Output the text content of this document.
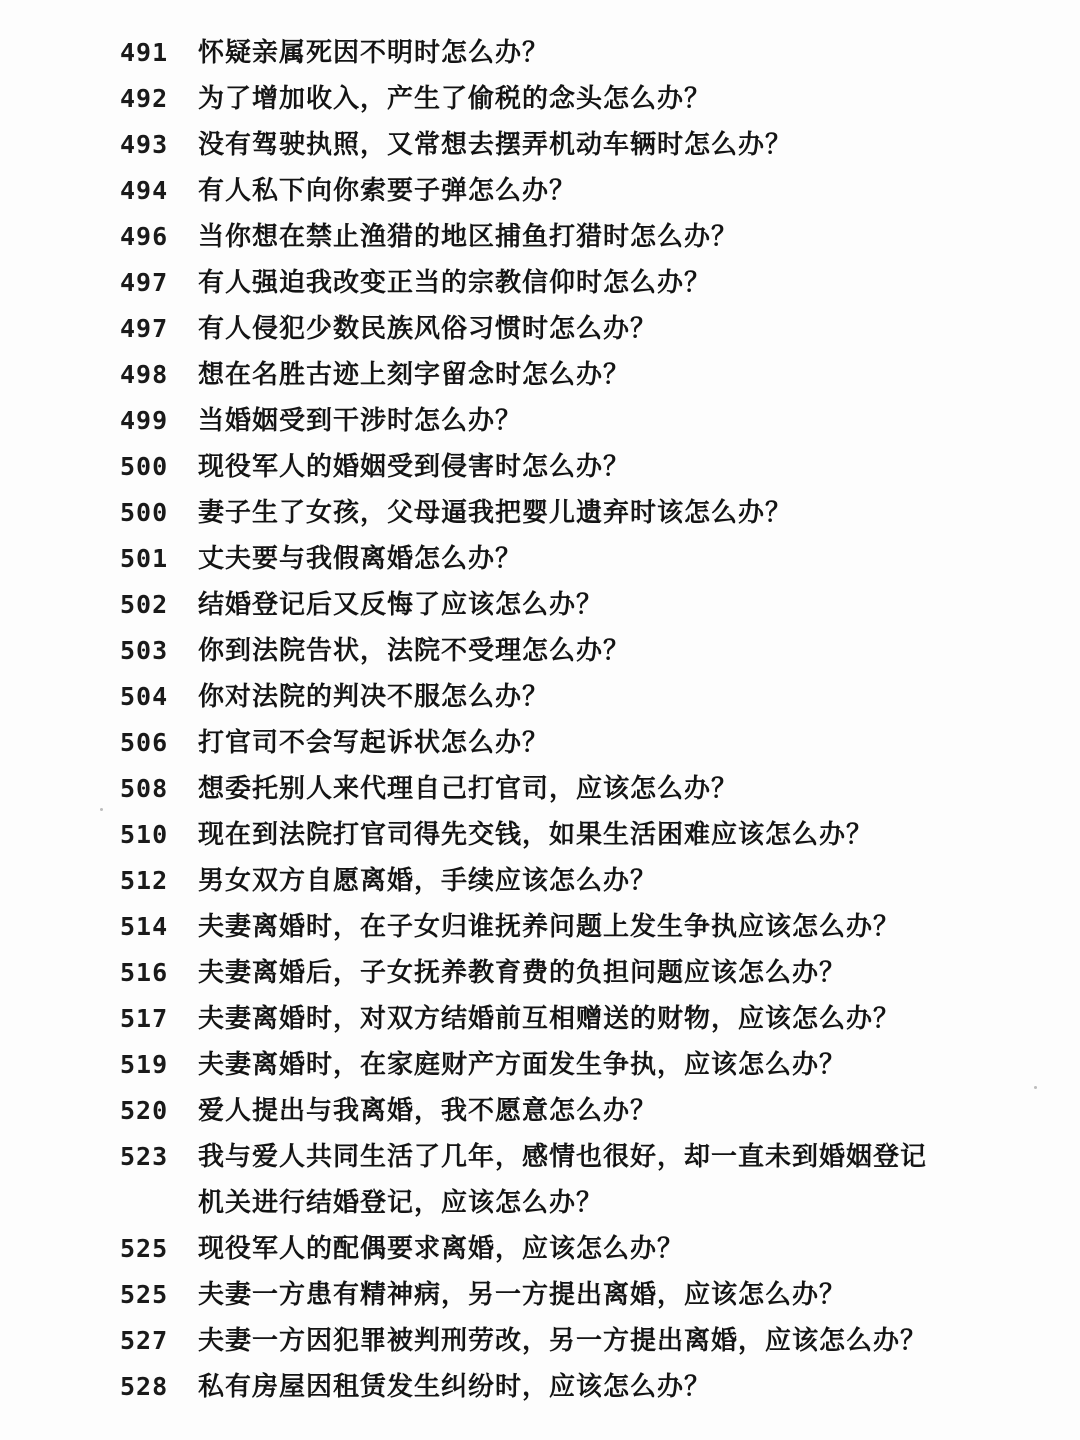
491	怀疑亲属死因不明时怎么办？
492	为了增加收入，产生了偷税的念头怎么办？
493	没有驾驶执照，又常想去摆弄机动车辆时怎么办？
494	有人私下向你索要子弹怎么办？
496	当你想在禁止渔猎的地区捕鱼打猎时怎么办？
497	有人强迫我改变正当的宗教信仰时怎么办？
497	有人侵犯少数民族风俗习惯时怎么办？
498	想在名胜古迹上刻字留念时怎么办？
499	当婚姻受到干涉时怎么办？
500	现役军人的婚姻受到侵害时怎么办？
500	妻子生了女孩，父母逼我把婴儿遗弃时该怎么办？
501	丈夫要与我假离婚怎么办？
502	结婚登记后又反悔了应该怎么办？
503	你到法院告状，法院不受理怎么办？
504	你对法院的判决不服怎么办？
506	打官司不会写起诉状怎么办？
508	想委托别人来代理自己打官司，应该怎么办？
510	现在到法院打官司得先交钱，如果生活困难应该怎么办？
512	男女双方自愿离婚，手续应该怎么办？
514	夫妻离婚时，在子女归谁抚养问题上发生争执应该怎么办？
516	夫妻离婚后，子女抚养教育费的负担问题应该怎么办？
517	夫妻离婚时，对双方结婚前互相赠送的财物，应该怎么办？
519	夫妻离婚时，在家庭财产方面发生争执，应该怎么办？
520	爱人提出与我离婚，我不愿意怎么办？
523	我与爱人共同生活了几年，感情也很好，却一直未到婚姻登记
机关进行结婚登记，应该怎么办？
525	现役军人的配偶要求离婚，应该怎么办？
525	夫妻一方患有精神病，另一方提出离婚，应该怎么办？
527	夫妻一方因犯罪被判刑劳改，另一方提出离婚，应该怎么办？
528	私有房屋因租赁发生纠纷时，应该怎么办？
